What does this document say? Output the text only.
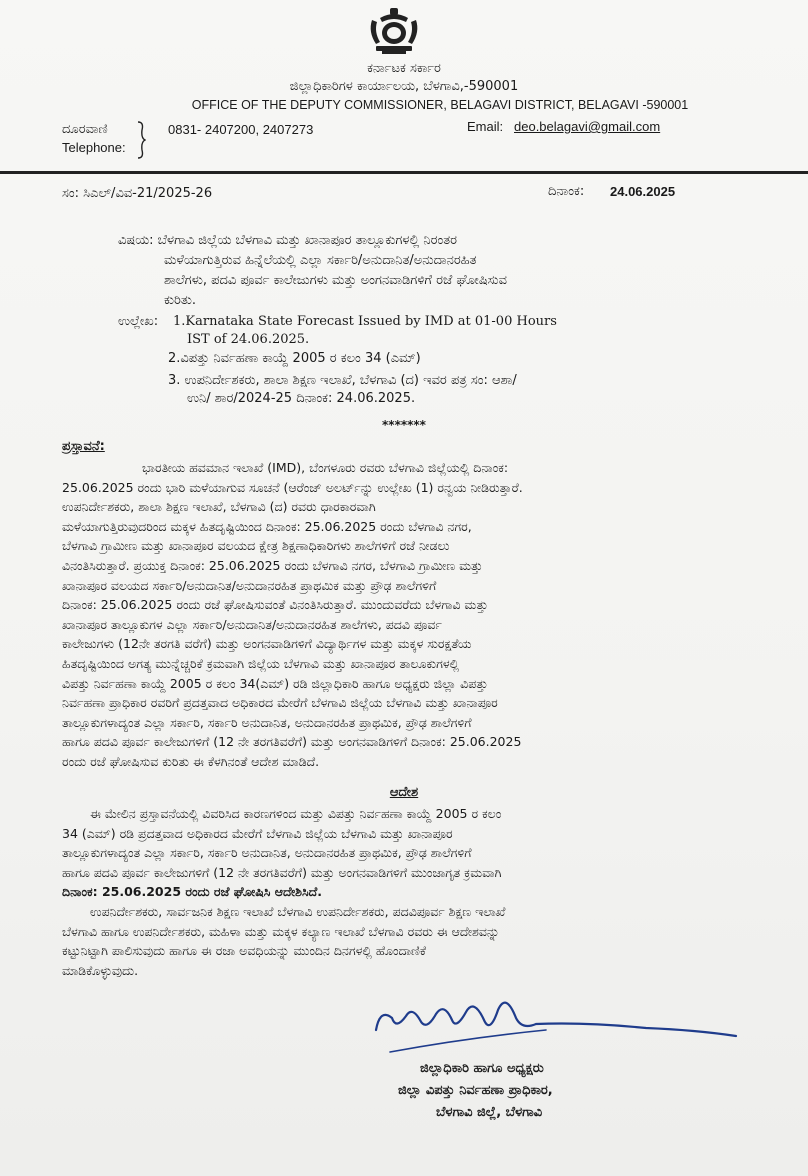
ಕರ್ನಾಟಕ ಸರ್ಕಾರ
ಜಿಲ್ಲಾಧಿಕಾರಿಗಳ ಕಾರ್ಯಾಲಯ, ಬೆಳಗಾವಿ,-590001
OFFICE OF THE DEPUTY COMMISSIONER, BELAGAVI DISTRICT, BELAGAVI -590001
ದೂರವಾಣಿ
Telephone:
0831- 2407200, 2407273	Email: deo.belagavi@gmail.com
ಸಂ: ಸಿಎಲ್/ವಿವ-21/2025-26	ದಿನಾಂಕ: 24.06.2025
ವಿಷಯ: ಬೆಳಗಾವಿ ಜಿಲ್ಲೆಯ ಬೆಳಗಾವಿ ಮತ್ತು ಖಾನಾಪೂರ ತಾಲ್ಲೂಕುಗಳಲ್ಲಿ ನಿರಂತರ
ಮಳೆಯಾಗುತ್ತಿರುವ ಹಿನ್ನೆಲೆಯಲ್ಲಿ ಎಲ್ಲಾ ಸರ್ಕಾರಿ/ಅನುದಾನಿತ/ಅನುದಾನರಹಿತ
ಶಾಲೆಗಳು, ಪದವಿ ಪೂರ್ವ ಕಾಲೇಜುಗಳು ಮತ್ತು ಅಂಗನವಾಡಿಗಳಿಗೆ ರಜೆ ಘೋಷಿಸುವ
ಕುರಿತು.
ಉಲ್ಲೇಖ: 1.Karnataka State Forecast Issued by IMD at 01-00 Hours
IST of 24.06.2025.
2.ವಿಪತ್ತು ನಿರ್ವಹಣಾ ಕಾಯ್ದೆ 2005 ರ ಕಲಂ 34 (ಎಮ್)
3. ಉಪನಿರ್ದೇಶಕರು, ಶಾಲಾ ಶಿಕ್ಷಣ ಇಲಾಖೆ, ಬೆಳಗಾವಿ (ದ) ಇವರ ಪತ್ರ ಸಂ: ಆಶಾ/
ಉನಿ/ ಶಾರ/2024-25 ದಿನಾಂಕ: 24.06.2025.
*******
ಪ್ರಸ್ತಾವನೆ:
ಭಾರತೀಯ ಹವಮಾನ ಇಲಾಖೆ (IMD), ಬೆಂಗಳೂರು ರವರು ಬೆಳಗಾವಿ ಜಿಲ್ಲೆಯಲ್ಲಿ ದಿನಾಂಕ:
25.06.2025 ರಂದು ಭಾರಿ ಮಳೆಯಾಗುವ ಸೂಚನೆ (ಆರೆಂಜ್ ಅಲರ್ಟ್‌ನ್ನು ಉಲ್ಲೇಖ (1) ರನ್ವಯ ನೀಡಿರುತ್ತಾರೆ.
ಉಪನಿರ್ದೇಶಕರು, ಶಾಲಾ ಶಿಕ್ಷಣ ಇಲಾಖೆ, ಬೆಳಗಾವಿ (ದ) ರವರು ಧಾರಕಾರವಾಗಿ
ಮಳೆಯಾಗುತ್ತಿರುವುದರಿಂದ ಮಕ್ಕಳ ಹಿತದೃಷ್ಟಿಯಿಂದ ದಿನಾಂಕ: 25.06.2025 ರಂದು ಬೆಳಗಾವಿ ನಗರ,
ಬೆಳಗಾವಿ ಗ್ರಾಮೀಣ ಮತ್ತು ಖಾನಾಪೂರ ವಲಯದ ಕ್ಷೇತ್ರ ಶಿಕ್ಷಣಾಧಿಕಾರಿಗಳು ಶಾಲೆಗಳಿಗೆ ರಜೆ ನೀಡಲು
ವಿನಂತಿಸಿರುತ್ತಾರೆ. ಪ್ರಯುಕ್ತ ದಿನಾಂಕ: 25.06.2025 ರಂದು ಬೆಳಗಾವಿ ನಗರ, ಬೆಳಗಾವಿ ಗ್ರಾಮೀಣ ಮತ್ತು
ಖಾನಾಪೂರ ವಲಯದ ಸರ್ಕಾರಿ/ಅನುದಾನಿತ/ಅನುದಾನರಹಿತ ಪ್ರಾಥಮಿಕ ಮತ್ತು ಪ್ರೌಢ ಶಾಲೆಗಳಿಗೆ
ದಿನಾಂಕ: 25.06.2025 ರಂದು ರಜೆ ಘೋಷಿಸುವಂತೆ ವಿನಂತಿಸಿರುತ್ತಾರೆ. ಮುಂದುವರೆದು ಬೆಳಗಾವಿ ಮತ್ತು
ಖಾನಾಪೂರ ತಾಲ್ಲೂಕುಗಳ ಎಲ್ಲಾ ಸರ್ಕಾರಿ/ಅನುದಾನಿತ/ಅನುದಾನರಹಿತ ಶಾಲೆಗಳು, ಪದವಿ ಪೂರ್ವ
ಕಾಲೇಜುಗಳು (12ನೇ ತರಗತಿ ವರೆಗೆ) ಮತ್ತು ಅಂಗನವಾಡಿಗಳಿಗೆ ವಿದ್ಯಾರ್ಥಿಗಳ ಮತ್ತು ಮಕ್ಕಳ ಸುರಕ್ಷತೆಯ
ಹಿತದೃಷ್ಟಿಯಿಂದ ಅಗತ್ಯ ಮುನ್ನೆಚ್ಚರಿಕೆ ಕ್ರಮವಾಗಿ ಜಿಲ್ಲೆಯ ಬೆಳಗಾವಿ ಮತ್ತು ಖಾನಾಪೂರ ತಾಲೂಕುಗಳಲ್ಲಿ
ವಿಪತ್ತು ನಿರ್ವಹಣಾ ಕಾಯ್ದೆ 2005 ರ ಕಲಂ 34(ಎಮ್) ರಡಿ ಜಿಲ್ಲಾಧಿಕಾರಿ ಹಾಗೂ ಅಧ್ಯಕ್ಷರು ಜಿಲ್ಲಾ ವಿಪತ್ತು
ನಿರ್ವಹಣಾ ಪ್ರಾಧಿಕಾರ ರವರಿಗೆ ಪ್ರದತ್ತವಾದ ಅಧಿಕಾರದ ಮೇರೆಗೆ ಬೆಳಗಾವಿ ಜಿಲ್ಲೆಯ ಬೆಳಗಾವಿ ಮತ್ತು ಖಾನಾಪೂರ
ತಾಲ್ಲೂಕುಗಳಾದ್ಯಂತ ಎಲ್ಲಾ ಸರ್ಕಾರಿ, ಸರ್ಕಾರಿ ಅನುದಾನಿತ, ಅನುದಾನರಹಿತ ಪ್ರಾಥಮಿಕ, ಪ್ರೌಢ ಶಾಲೆಗಳಿಗೆ
ಹಾಗೂ ಪದವಿ ಪೂರ್ವ ಕಾಲೇಜುಗಳಿಗೆ (12 ನೇ ತರಗತಿವರೆಗೆ) ಮತ್ತು ಅಂಗನವಾಡಿಗಳಿಗೆ ದಿನಾಂಕ: 25.06.2025
ರಂದು ರಜೆ ಘೋಷಿಸುವ ಕುರಿತು ಈ ಕೆಳಗಿನಂತೆ ಆದೇಶ ಮಾಡಿದೆ.
ಆದೇಶ
ಈ ಮೇಲಿನ ಪ್ರಸ್ತಾವನೆಯಲ್ಲಿ ವಿವರಿಸಿದ ಕಾರಣಗಳಿಂದ ಮತ್ತು ವಿಪತ್ತು ನಿರ್ವಹಣಾ ಕಾಯ್ದೆ 2005 ರ ಕಲಂ
34 (ಎಮ್) ರಡಿ ಪ್ರದತ್ತವಾದ ಅಧಿಕಾರದ ಮೇರೆಗೆ ಬೆಳಗಾವಿ ಜಿಲ್ಲೆಯ ಬೆಳಗಾವಿ ಮತ್ತು ಖಾನಾಪೂರ
ತಾಲ್ಲೂಕುಗಳಾದ್ಯಂತ ಎಲ್ಲಾ ಸರ್ಕಾರಿ, ಸರ್ಕಾರಿ ಅನುದಾನಿತ, ಅನುದಾನರಹಿತ ಪ್ರಾಥಮಿಕ, ಪ್ರೌಢ ಶಾಲೆಗಳಿಗೆ
ಹಾಗೂ ಪದವಿ ಪೂರ್ವ ಕಾಲೇಜುಗಳಿಗೆ (12 ನೇ ತರಗತಿವರೆಗೆ) ಮತ್ತು ಅಂಗನವಾಡಿಗಳಿಗೆ ಮುಂಜಾಗೃತ ಕ್ರಮವಾಗಿ
ದಿನಾಂಕ: 25.06.2025 ರಂದು ರಜೆ ಘೋಷಿಸಿ ಆದೇಶಿಸಿದೆ.
ಉಪನಿರ್ದೇಶಕರು, ಸಾರ್ವಜನಿಕ ಶಿಕ್ಷಣ ಇಲಾಖೆ ಬೆಳಗಾವಿ ಉಪನಿರ್ದೇಶಕರು, ಪದವಿಪೂರ್ವ ಶಿಕ್ಷಣ ಇಲಾಖೆ
ಬೆಳಗಾವಿ ಹಾಗೂ ಉಪನಿರ್ದೇಶಕರು, ಮಹಿಳಾ ಮತ್ತು ಮಕ್ಕಳ ಕಲ್ಯಾಣ ಇಲಾಖೆ ಬೆಳಗಾವಿ ರವರು ಈ ಆದೇಶವನ್ನು
ಕಟ್ಟುನಿಟ್ಟಾಗಿ ಪಾಲಿಸುವುದು ಹಾಗೂ ಈ ರಜಾ ಅವಧಿಯನ್ನು ಮುಂದಿನ ದಿನಗಳಲ್ಲಿ ಹೊಂದಾಣಿಕೆ
ಮಾಡಿಕೊಳ್ಳುವುದು.
ಜಿಲ್ಲಾಧಿಕಾರಿ ಹಾಗೂ ಅಧ್ಯಕ್ಷರು
ಜಿಲ್ಲಾ ವಿಪತ್ತು ನಿರ್ವಹಣಾ ಪ್ರಾಧಿಕಾರ,
ಬೆಳಗಾವಿ ಜಿಲ್ಲೆ, ಬೆಳಗಾವಿ
